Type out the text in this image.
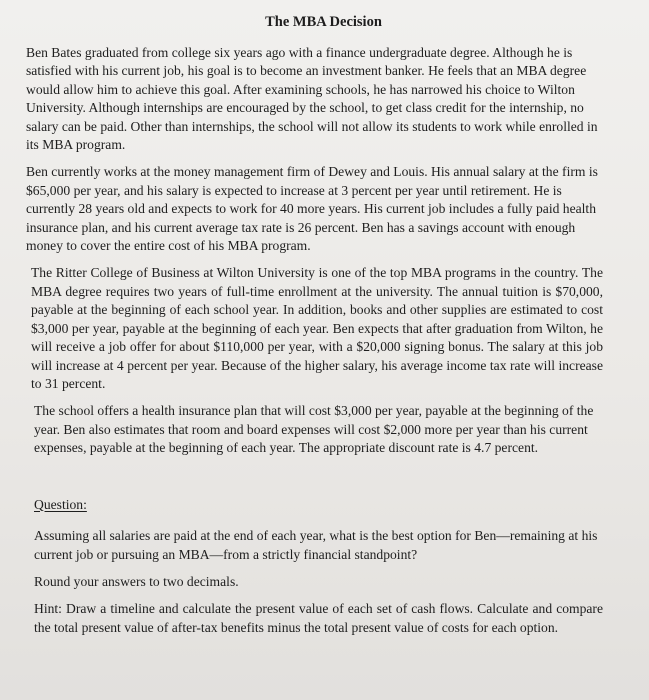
The MBA Decision

Ben Bates graduated from college six years ago with a finance undergraduate degree. Although he is satisfied with his current job, his goal is to become an investment banker. He feels that an MBA degree would allow him to achieve this goal. After examining schools, he has narrowed his choice to Wilton University. Although internships are encouraged by the school, to get class credit for the internship, no salary can be paid. Other than internships, the school will not allow its students to work while enrolled in its MBA program.

Ben currently works at the money management firm of Dewey and Louis. His annual salary at the firm is $65,000 per year, and his salary is expected to increase at 3 percent per year until retirement. He is currently 28 years old and expects to work for 40 more years. His current job includes a fully paid health insurance plan, and his current average tax rate is 26 percent. Ben has a savings account with enough money to cover the entire cost of his MBA program.

The Ritter College of Business at Wilton University is one of the top MBA programs in the country. The MBA degree requires two years of full-time enrollment at the university. The annual tuition is $70,000, payable at the beginning of each school year. In addition, books and other supplies are estimated to cost $3,000 per year, payable at the beginning of each year. Ben expects that after graduation from Wilton, he will receive a job offer for about $110,000 per year, with a $20,000 signing bonus. The salary at this job will increase at 4 percent per year. Because of the higher salary, his average income tax rate will increase to 31 percent.

The school offers a health insurance plan that will cost $3,000 per year, payable at the beginning of the year. Ben also estimates that room and board expenses will cost $2,000 more per year than his current expenses, payable at the beginning of each year. The appropriate discount rate is 4.7 percent.

Question:

Assuming all salaries are paid at the end of each year, what is the best option for Ben—remaining at his current job or pursuing an MBA—from a strictly financial standpoint?

Round your answers to two decimals.

Hint: Draw a timeline and calculate the present value of each set of cash flows. Calculate and compare the total present value of after-tax benefits minus the total present value of costs for each option.
